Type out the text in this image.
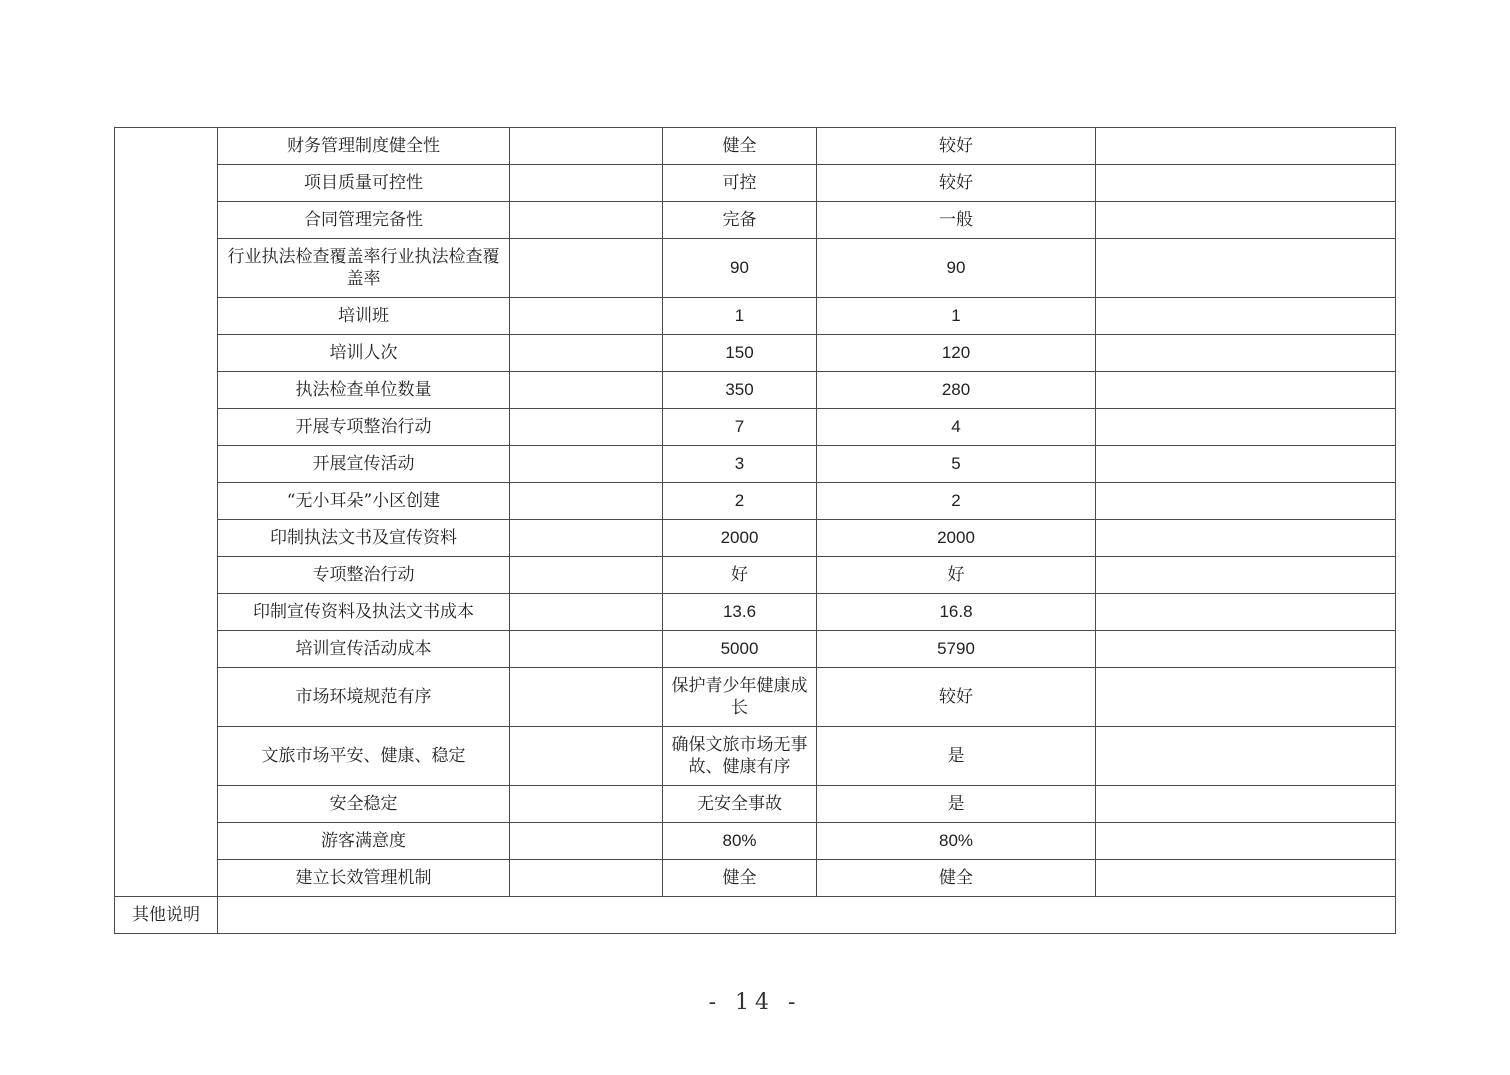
	财务管理制度健全性		健全	较好	
	项目质量可控性		可控	较好	
	合同管理完备性		完备	一般	
	行业执法检查覆盖率行业执法检查覆盖率		90	90	
	培训班		1	1	
	培训人次		150	120	
	执法检查单位数量		350	280	
	开展专项整治行动		7	4	
	开展宣传活动		3	5	
	“无小耳朵”小区创建		2	2	
	印制执法文书及宣传资料		2000	2000	
	专项整治行动		好	好	
	印制宣传资料及执法文书成本		13.6	16.8	
	培训宣传活动成本		5000	5790	
	市场环境规范有序		保护青少年健康成长	较好	
	文旅市场平安、健康、稳定		确保文旅市场无事故、健康有序	是	
	安全稳定		无安全事故	是	
	游客满意度		80%	80%	
	建立长效管理机制		健全	健全	
其他说明					
- 14 -
